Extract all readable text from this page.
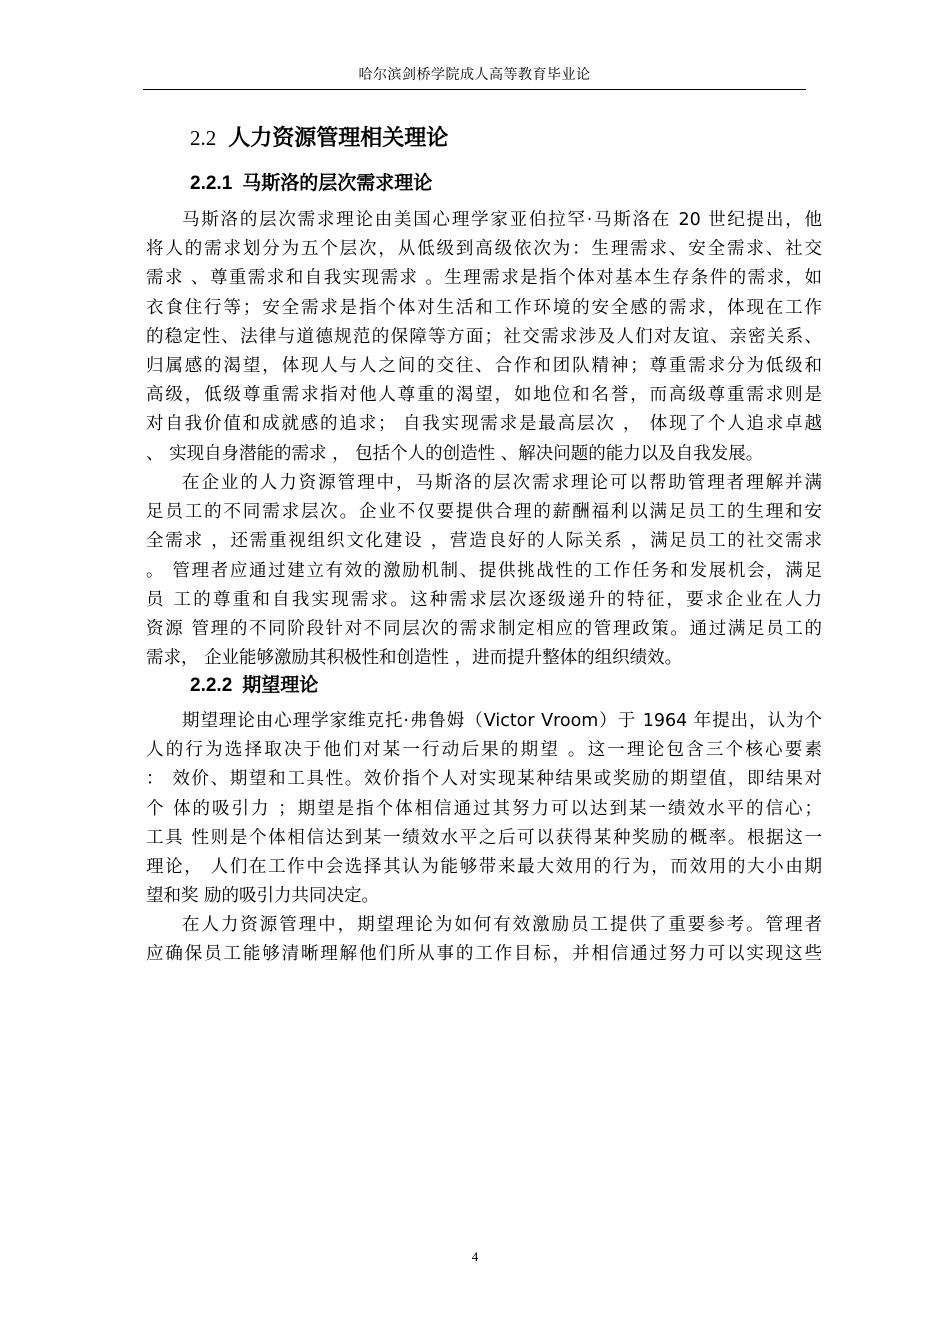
哈尔滨剑桥学院成人高等教育毕业论
2.2 人力资源管理相关理论
2.2.1 马斯洛的层次需求理论
马斯洛的层次需求理论由美国心理学家亚伯拉罕·马斯洛在 20 世纪提出，他
将人的需求划分为五个层次，从低级到高级依次为：生理需求、安全需求、社交
需求 、尊重需求和自我实现需求 。生理需求是指个体对基本生存条件的需求，如
衣食住行等；安全需求是指个体对生活和工作环境的安全感的需求，体现在工作
的稳定性、法律与道德规范的保障等方面；社交需求涉及人们对友谊、亲密关系、
归属感的渴望，体现人与人之间的交往、合作和团队精神；尊重需求分为低级和
高级，低级尊重需求指对他人尊重的渴望，如地位和名誉，而高级尊重需求则是
对自我价值和成就感的追求； 自我实现需求是最高层次 ， 体现了个人追求卓越
、 实现自身潜能的需求 ， 包括个人的创造性 、解决问题的能力以及自我发展。
在企业的人力资源管理中，马斯洛的层次需求理论可以帮助管理者理解并满
足员工的不同需求层次。企业不仅要提供合理的薪酬福利以满足员工的生理和安
全需求 ，还需重视组织文化建设 ，营造良好的人际关系 ，满足员工的社交需求
。 管理者应通过建立有效的激励机制、提供挑战性的工作任务和发展机会，满足
员 工的尊重和自我实现需求。这种需求层次逐级递升的特征，要求企业在人力
资源 管理的不同阶段针对不同层次的需求制定相应的管理政策。通过满足员工的
需求， 企业能够激励其积极性和创造性 ，进而提升整体的组织绩效。
2.2.2 期望理论
期望理论由心理学家维克托·弗鲁姆（Victor Vroom）于 1964 年提出，认为个
人的行为选择取决于他们对某一行动后果的期望 。这一理论包含三个核心要素
： 效价、期望和工具性。效价指个人对实现某种结果或奖励的期望值，即结果对
个 体的吸引力 ；期望是指个体相信通过其努力可以达到某一绩效水平的信心；
工具 性则是个体相信达到某一绩效水平之后可以获得某种奖励的概率。根据这一
理论， 人们在工作中会选择其认为能够带来最大效用的行为，而效用的大小由期
望和奖 励的吸引力共同决定。
在人力资源管理中，期望理论为如何有效激励员工提供了重要参考。管理者
应确保员工能够清晰理解他们所从事的工作目标，并相信通过努力可以实现这些
4
